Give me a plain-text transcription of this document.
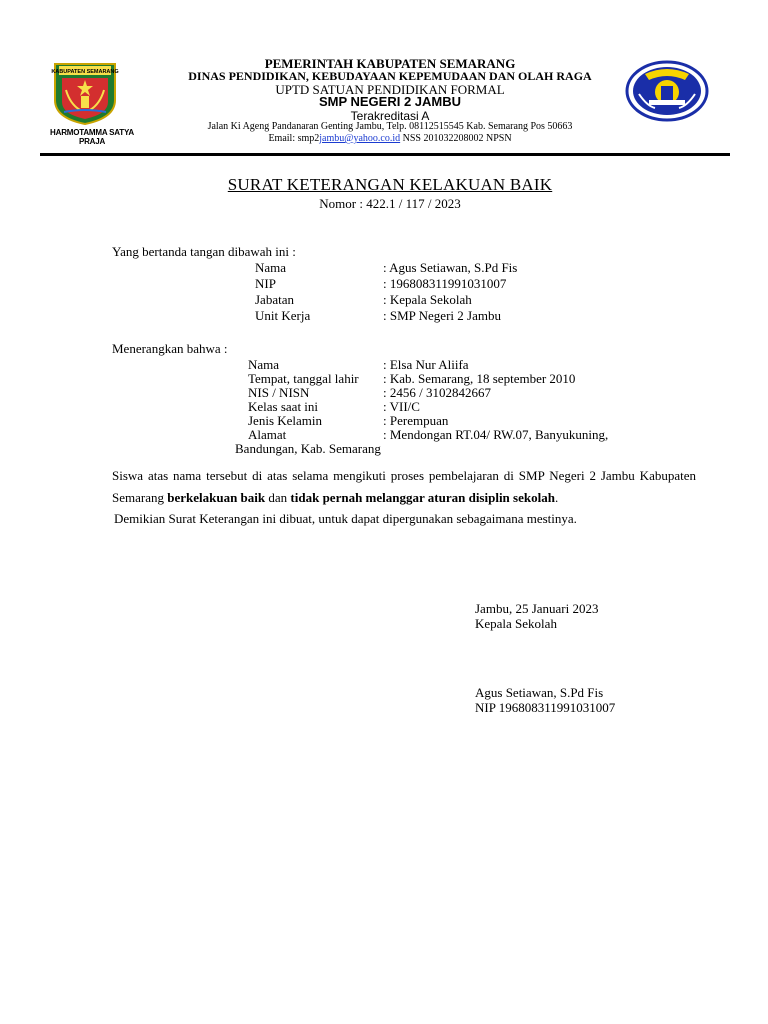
KABUPATEN SEMARANG
HARMOTAMMA SATYA PRAJA
PEMERINTAH KABUPATEN SEMARANG
DINAS PENDIDIKAN, KEBUDAYAAN KEPEMUDAAN DAN OLAH RAGA
UPTD SATUAN PENDIDIKAN FORMAL
SMP NEGERI 2 JAMBU
Terakreditasi A
Jalan Ki Ageng Pandanaran Genting Jambu, Telp. 08112515545 Kab. Semarang Pos 50663
Email: smp2jambu@yahoo.co.id NSS 201032208002 NPSN
SURAT KETERANGAN KELAKUAN BAIK
Nomor : 422.1 / 117 / 2023
Yang bertanda tangan dibawah ini :
Nama	: Agus Setiawan, S.Pd Fis
NIP	: 196808311991031007
Jabatan	: Kepala Sekolah
Unit Kerja	: SMP Negeri 2 Jambu
Menerangkan bahwa :
Nama	: Elsa Nur Aliifa
Tempat, tanggal lahir : Kab. Semarang, 18 september 2010
NIS / NISN	: 2456 / 3102842667
Kelas saat ini	: VII/C
Jenis Kelamin	: Perempuan
Alamat	: Mendongan RT.04/ RW.07, Banyukuning,
Bandungan, Kab. Semarang
Siswa atas nama tersebut di atas selama mengikuti proses pembelajaran di SMP Negeri 2 Jambu Kabupaten Semarang berkelakuan baik dan tidak pernah melanggar aturan disiplin sekolah.
Demikian Surat Keterangan ini dibuat, untuk dapat dipergunakan sebagaimana mestinya.
Jambu, 25 Januari 2023
Kepala Sekolah
Agus Setiawan, S.Pd Fis
NIP 196808311991031007
